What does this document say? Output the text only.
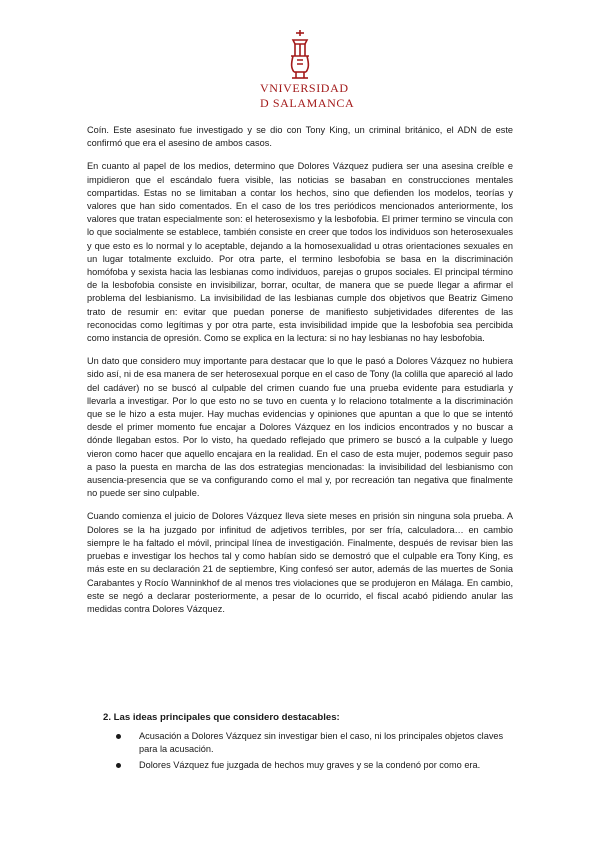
VNIVERSIDAD
D SALAMANCA

Coín. Este asesinato fue investigado y se dio con Tony King, un criminal británico, el ADN de este confirmó que era el asesino de ambos casos.

En cuanto al papel de los medios, determino que Dolores Vázquez pudiera ser una asesina creíble e impidieron que el escándalo fuera visible, las noticias se basaban en construcciones mentales compartidas. Estas no se limitaban a contar los hechos, sino que defienden los modelos, teorías y valores que han sido comentados. En el caso de los tres periódicos mencionados anteriormente, los valores que tratan especialmente son: el heterosexismo y la lesbofobia. El primer termino se vincula con lo que socialmente se establece, también consiste en creer que todos los individuos son heterosexuales y que esto es lo normal y lo aceptable, dejando a la homosexualidad u otras orientaciones sexuales en un lugar totalmente excluido. Por otra parte, el termino lesbofobia se basa en la discriminación homófoba y sexista hacia las lesbianas como individuos, parejas o grupos sociales. El principal término de la lesbofobia consiste en invisibilizar, borrar, ocultar, de manera que se puede llegar a afirmar el problema del lesbianismo. La invisibilidad de las lesbianas cumple dos objetivos que Beatriz Gimeno trato de resumir en: evitar que puedan ponerse de manifiesto subjetividades diferentes de las reconocidas como legítimas y por otra parte, esta invisibilidad impide que la lesbofobia sea percibida como instancia de opresión. Como se explica en la lectura: si no hay lesbianas no hay lesbofobia.

Un dato que considero muy importante para destacar que lo que le pasó a Dolores Vázquez no hubiera sido así, ni de esa manera de ser heterosexual porque en el caso de Tony (la colilla que apareció al lado del cadáver) no se buscó al culpable del crimen cuando fue una prueba evidente para estudiarla y llevarla a investigar. Por lo que esto no se tuvo en cuenta y lo relaciono totalmente a la discriminación que se le hizo a esta mujer. Hay muchas evidencias y opiniones que apuntan a que lo que se intentó desde el primer momento fue encajar a Dolores Vázquez en los indicios encontrados y no buscar a dónde llegaban estos. Por lo visto, ha quedado reflejado que primero se buscó a la culpable y luego vieron como hacer que aquello encajara en la realidad. En el caso de esta mujer, podemos seguir paso a paso la puesta en marcha de las dos estrategias mencionadas: la invisibilidad del lesbianismo con ausencia-presencia que se va configurando como el mal y, por recreación tan negativa que finalmente no puede ser sino culpable.

Cuando comienza el juicio de Dolores Vázquez lleva siete meses en prisión sin ninguna sola prueba. A Dolores se la ha juzgado por infinitud de adjetivos terribles, por ser fría, calculadora… en cambio siempre le ha faltado el móvil, principal línea de investigación. Finalmente, después de revisar bien las pruebas e investigar los hechos tal y como habían sido se demostró que el culpable era Tony King, es más este en su declaración 21 de septiembre, King confesó ser autor, además de las muertes de Sonia Carabantes y Rocío Wanninkhof de al menos tres violaciones que se produjeron en Málaga. En cambio, este se negó a declarar posteriormente, a pesar de lo ocurrido, el fiscal acabó pidiendo anular las medidas contra Dolores Vázquez.

2. Las ideas principales que considero destacables:
Acusación a Dolores Vázquez sin investigar bien el caso, ni los principales objetos claves para la acusación.
Dolores Vázquez fue juzgada de hechos muy graves y se la condenó por como era.
